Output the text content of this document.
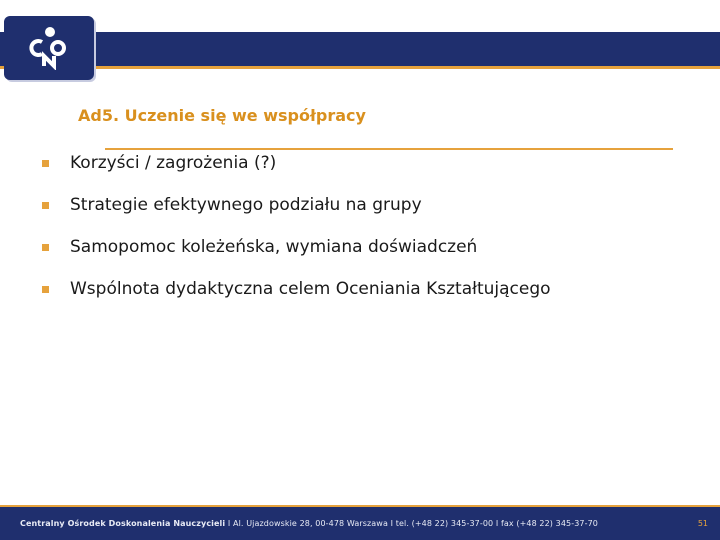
Ad5. Uczenie się we współpracy
Korzyści / zagrożenia (?)
Strategie efektywnego podziału na grupy
Samopomoc koleżeńska, wymiana doświadczeń
Wspólnota dydaktyczna celem Oceniania Kształtującego
Centralny Ośrodek Doskonalenia Nauczycieli I Al. Ujazdowskie 28, 00-478 Warszawa I tel. (+48 22) 345-37-00 I fax (+48 22) 345-37-70	51
